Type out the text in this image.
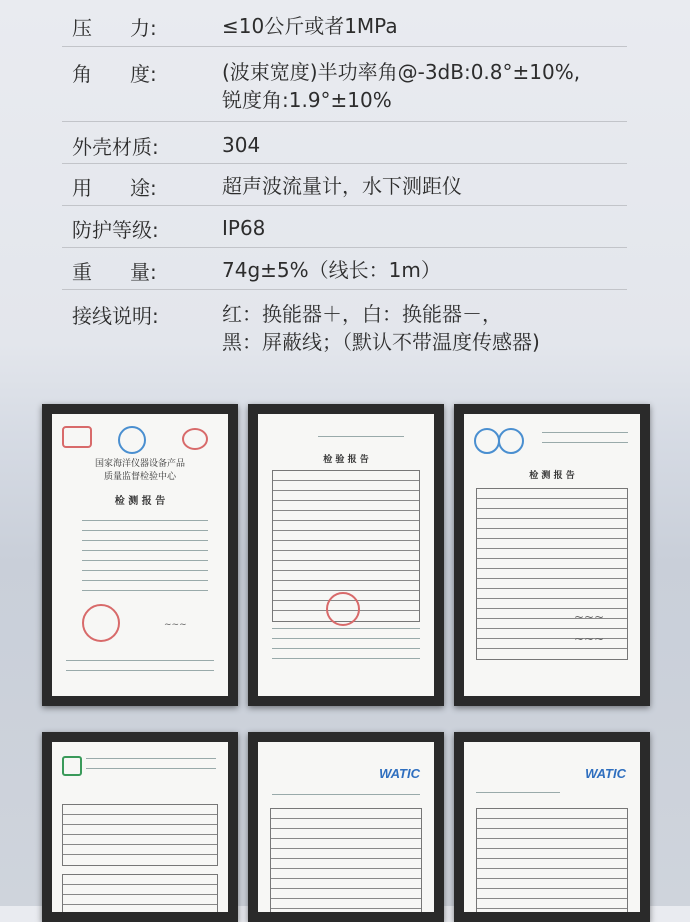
压 力:	≤10公斤或者1MPa
角 度:	(波束宽度)半功率角@-3dB:0.8°±10%,
锐度角:1.9°±10%
外壳材质:	304
用 途:	超声波流量计，水下测距仪
防护等级:	IP68
重 量:	74g±5%（线长：1m）
接线说明:	红：换能器＋，白：换能器－，
黑：屏蔽线；（默认不带温度传感器)
国家海洋仪器设备产品
质量监督检验中心
检 测 报 告
~~~
检 验 报 告
检 测 报 告
~~~
~~~
WATIC	WATIC
